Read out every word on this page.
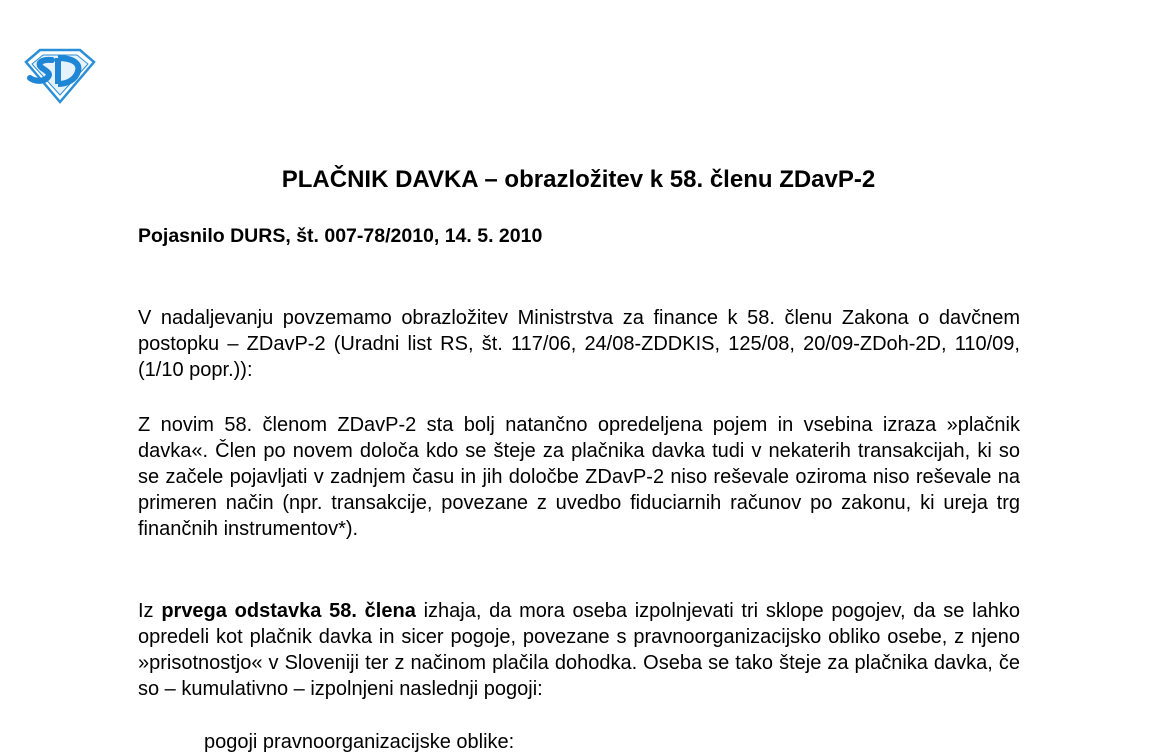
PLAČNIK DAVKA – obrazložitev k 58. členu ZDavP-2

Pojasnilo DURS, št. 007-78/2010, 14. 5. 2010

V nadaljevanju povzemamo obrazložitev Ministrstva za finance k 58. členu Zakona o davčnem postopku – ZDavP-2 (Uradni list RS, št. 117/06, 24/08-ZDDKIS, 125/08, 20/09-ZDoh-2D, 110/09, (1/10 popr.)):

Z novim 58. členom ZDavP-2 sta bolj natančno opredeljena pojem in vsebina izraza »plačnik davka«. Člen po novem določa kdo se šteje za plačnika davka tudi v nekaterih transakcijah, ki so se začele pojavljati v zadnjem času in jih določbe ZDavP-2 niso reševale oziroma niso reševale na primeren način (npr. transakcije, povezane z uvedbo fiduciarnih računov po zakonu, ki ureja trg finančnih instrumentov*).

Iz prvega odstavka 58. člena izhaja, da mora oseba izpolnjevati tri sklope pogojev, da se lahko opredeli kot plačnik davka in sicer pogoje, povezane s pravnoorganizacijsko obliko osebe, z njeno »prisotnostjo« v Sloveniji ter z načinom plačila dohodka. Oseba se tako šteje za plačnika davka, če so – kumulativno – izpolnjeni naslednji pogoji:

pogoji pravnoorganizacijske oblike:
